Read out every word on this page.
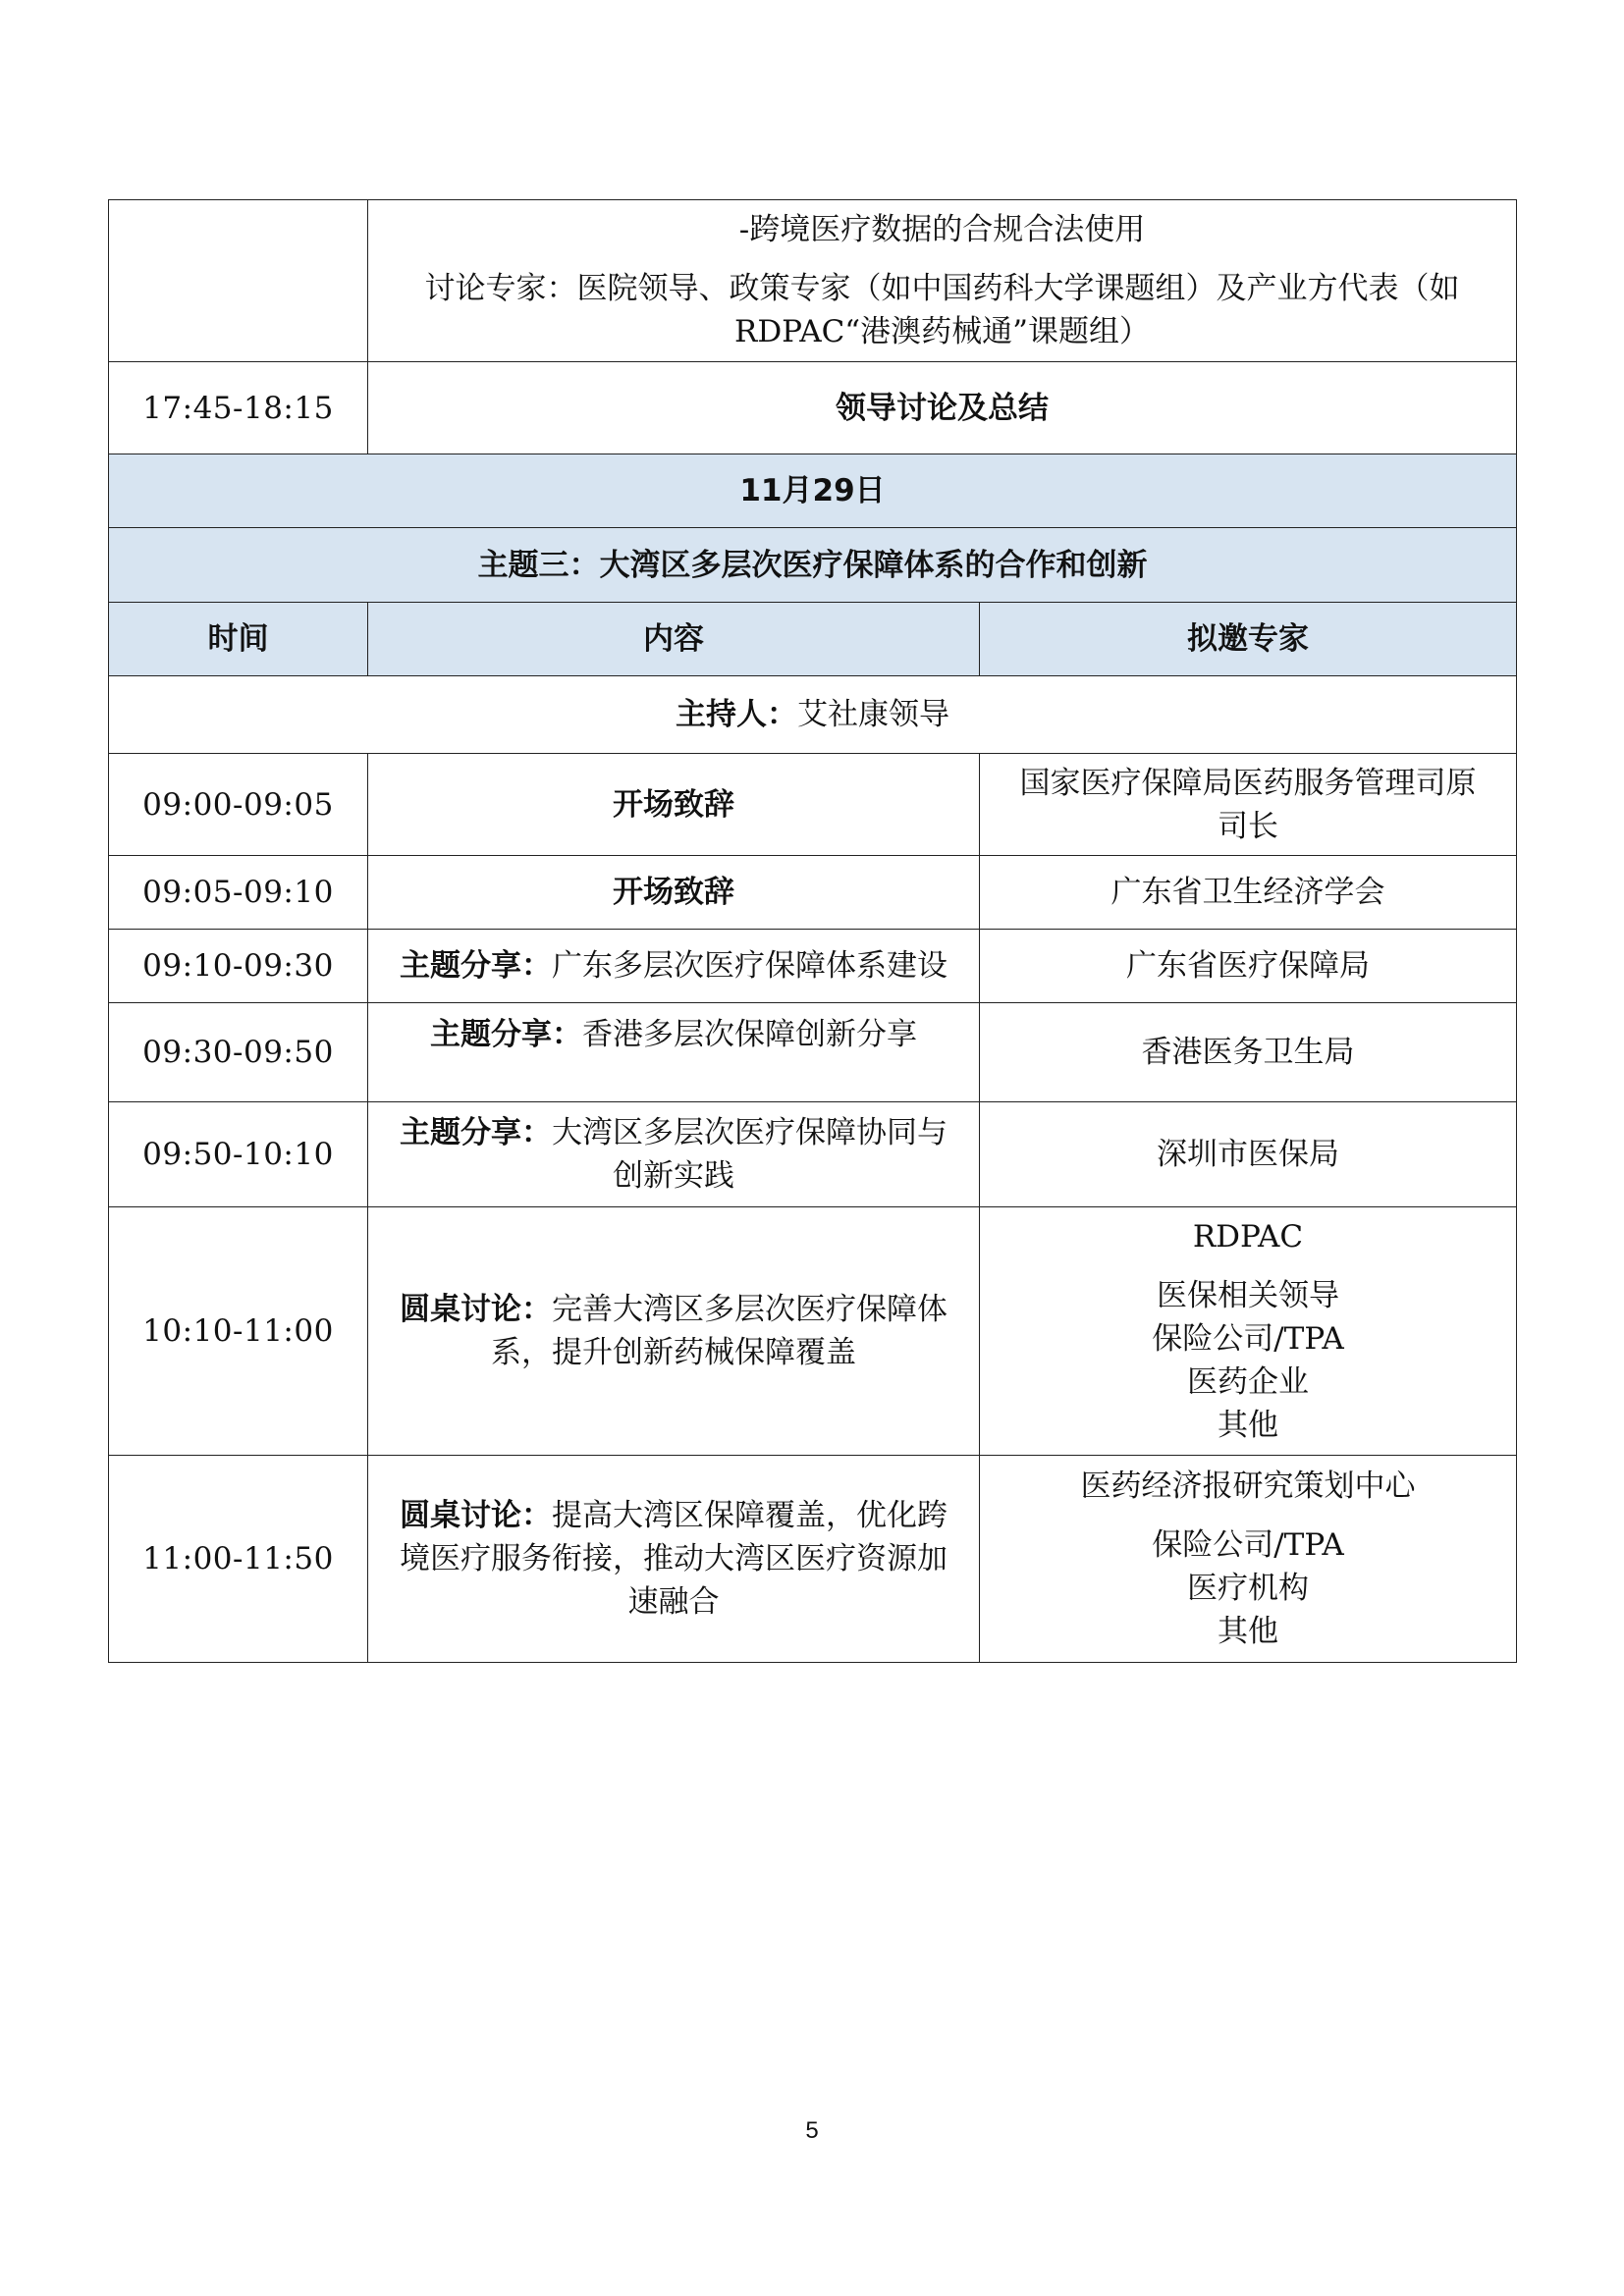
	-跨境医疗数据的合规合法使用
讨论专家：医院领导、政策专家（如中国药科大学课题组）及产业方代表（如
RDPAC“港澳药械通”课题组）	

17:45-18:15	领导讨论及总结	
11月29日		
主题三：大湾区多层次医疗保障体系的合作和创新		
时间	内容	拟邀专家
主持人：艾社康领导		
09:00-09:05	开场致辞	国家医疗保障局医药服务管理司原
司长

09:05-09:10	开场致辞	广东省卫生经济学会
09:10-09:30	主题分享：广东多层次医疗保障体系建设	广东省医疗保障局
09:30-09:50	主题分享：香港多层次保障创新分享	香港医务卫生局
09:50-10:10	主题分享：大湾区多层次医疗保障协同与
创新实践	深圳市医保局
10:10-11:00	圆桌讨论：完善大湾区多层次医疗保障体
系，提升创新药械保障覆盖	RDPAC
医保相关领导
保险公司/TPA
医药企业
其他

11:00-11:50	圆桌讨论：提高大湾区保障覆盖，优化跨
境医疗服务衔接，推动大湾区医疗资源加
速融合	医药经济报研究策划中心
保险公司/TPA
医疗机构
其他
5
